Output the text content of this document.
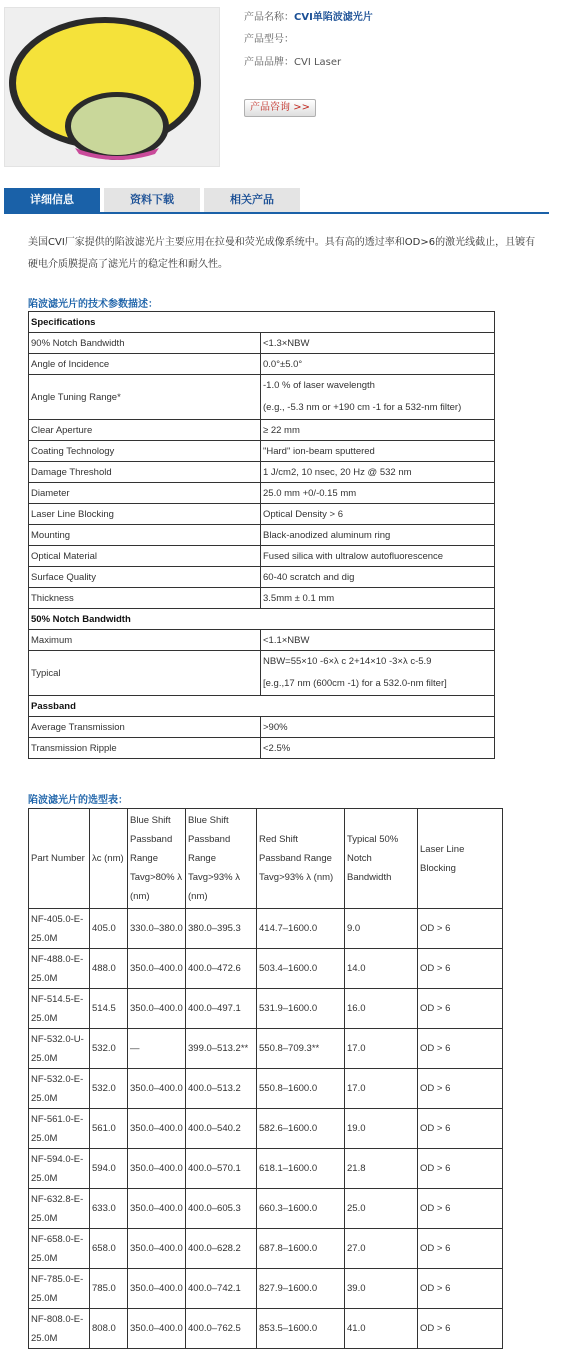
产品名称：CVI单陷波滤光片
产品型号：
产品品牌：CVI Laser
产品咨询 >>
详细信息	资料下载	相关产品
美国CVI厂家提供的陷波滤光片主要应用在拉曼和荧光成像系统中。具有高的透过率和OD>6的激光线截止，且镀有硬电介质膜提高了滤光片的稳定性和耐久性。
陷波滤光片的技术参数描述：
Specifications	
90% Notch Bandwidth	<1.3×NBW
Angle of Incidence	0.0°±5.0°
Angle Tuning Range*	-1.0 % of laser wavelength
(e.g., -5.3 nm or +190 cm -1 for a 532-nm filter)

Clear Aperture	≥ 22 mm
Coating Technology	"Hard" ion-beam sputtered
Damage Threshold	1 J/cm2, 10 nsec, 20 Hz @ 532 nm
Diameter	25.0 mm +0/-0.15 mm
Laser Line Blocking	Optical Density > 6
Mounting	Black-anodized aluminum ring
Optical Material	Fused silica with ultralow autofluorescence
Surface Quality	60-40 scratch and dig
Thickness	3.5mm ± 0.1 mm
50% Notch Bandwidth	
Maximum	<1.1×NBW
Typical	NBW=55×10 -6×λ c 2+14×10 -3×λ c-5.9
[e.g.,17 nm (600cm -1) for a 532.0-nm filter]

Passband	
Average Transmission	>90%
Transmission Ripple	<2.5%
陷波滤光片的选型表：
Part Number	λc (nm)	Blue Shift Passband Range Tavg>80% λ (nm)	Blue Shift Passband Range Tavg>93% λ (nm)	Red Shift Passband Range Tavg>93% λ (nm)	Typical 50% Notch Bandwidth	Laser Line Blocking
NF-405.0-E-25.0M	405.0	330.0–380.0	380.0–395.3	414.7–1600.0	9.0	OD > 6
NF-488.0-E-25.0M	488.0	350.0–400.0	400.0–472.6	503.4–1600.0	14.0	OD > 6
NF-514.5-E-25.0M	514.5	350.0–400.0	400.0–497.1	531.9–1600.0	16.0	OD > 6
NF-532.0-U-25.0M	532.0	—	399.0–513.2**	550.8–709.3**	17.0	OD > 6
NF-532.0-E-25.0M	532.0	350.0–400.0	400.0–513.2	550.8–1600.0	17.0	OD > 6
NF-561.0-E-25.0M	561.0	350.0–400.0	400.0–540.2	582.6–1600.0	19.0	OD > 6
NF-594.0-E-25.0M	594.0	350.0–400.0	400.0–570.1	618.1–1600.0	21.8	OD > 6
NF-632.8-E-25.0M	633.0	350.0–400.0	400.0–605.3	660.3–1600.0	25.0	OD > 6
NF-658.0-E-25.0M	658.0	350.0–400.0	400.0–628.2	687.8–1600.0	27.0	OD > 6
NF-785.0-E-25.0M	785.0	350.0–400.0	400.0–742.1	827.9–1600.0	39.0	OD > 6
NF-808.0-E-25.0M	808.0	350.0–400.0	400.0–762.5	853.5–1600.0	41.0	OD > 6
